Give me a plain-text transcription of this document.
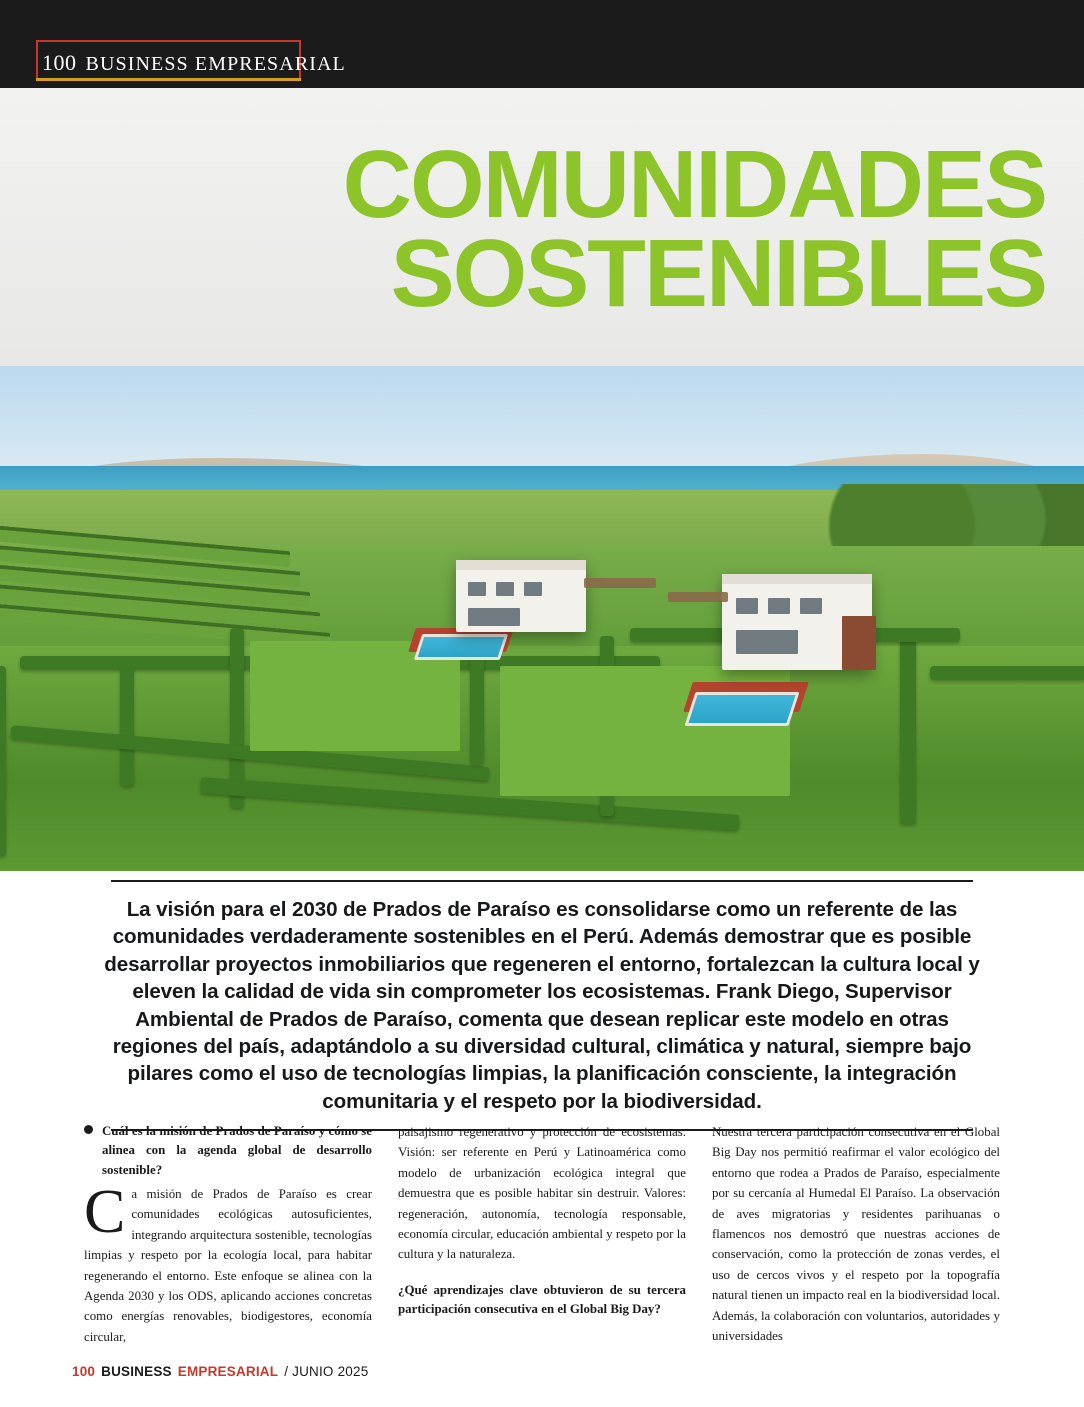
100 BUSINESS EMPRESARIAL
COMUNIDADES
SOSTENIBLES

La visión para el 2030 de Prados de Paraíso es consolidarse como un referente de las comunidades verdaderamente sostenibles en el Perú. Además demostrar que es posible desarrollar proyectos inmobiliarios que regeneren el entorno, fortalezcan la cultura local y eleven la calidad de vida sin comprometer los ecosistemas. Frank Diego, Supervisor Ambiental de Prados de Paraíso, comenta que desean replicar este modelo en otras regiones del país, adaptándolo a su diversidad cultural, climática y natural, siempre bajo pilares como el uso de tecnologías limpias, la planificación consciente, la integración comunitaria y el respeto por la biodiversidad.

Cuál es la misión de Prados de Paraíso y cómo se alinea con la agenda global de desarrollo sostenible?

Ca misión de Prados de Paraíso es crear comunidades ecológicas autosuficientes, integrando arquitectura sostenible, tecnologías limpias y respeto por la ecología local, para habitar regenerando el entorno. Este enfoque se alinea con la Agenda 2030 y los ODS, aplicando acciones concretas como energías renovables, biodigestores, economía circular,

paisajismo regenerativo y protección de ecosistemas. Visión: ser referente en Perú y Latinoamérica como modelo de urbanización ecológica integral que demuestra que es posible habitar sin destruir. Valores: regeneración, autonomía, tecnología responsable, economía circular, educación ambiental y respeto por la cultura y la naturaleza.

¿Qué aprendizajes clave obtuvieron de su tercera participación consecutiva en el Global Big Day?

Nuestra tercera participación consecutiva en el Global Big Day nos permitió reafirmar el valor ecológico del entorno que rodea a Prados de Paraíso, especialmente por su cercanía al Humedal El Paraíso. La observación de aves migratorias y residentes parihuanas o flamencos nos demostró que nuestras acciones de conservación, como la protección de zonas verdes, el uso de cercos vivos y el respeto por la topografía natural tienen un impacto real en la biodiversidad local. Además, la colaboración con voluntarios, autoridades y universidades

100 BUSINESS EMPRESARIAL / JUNIO 2025
